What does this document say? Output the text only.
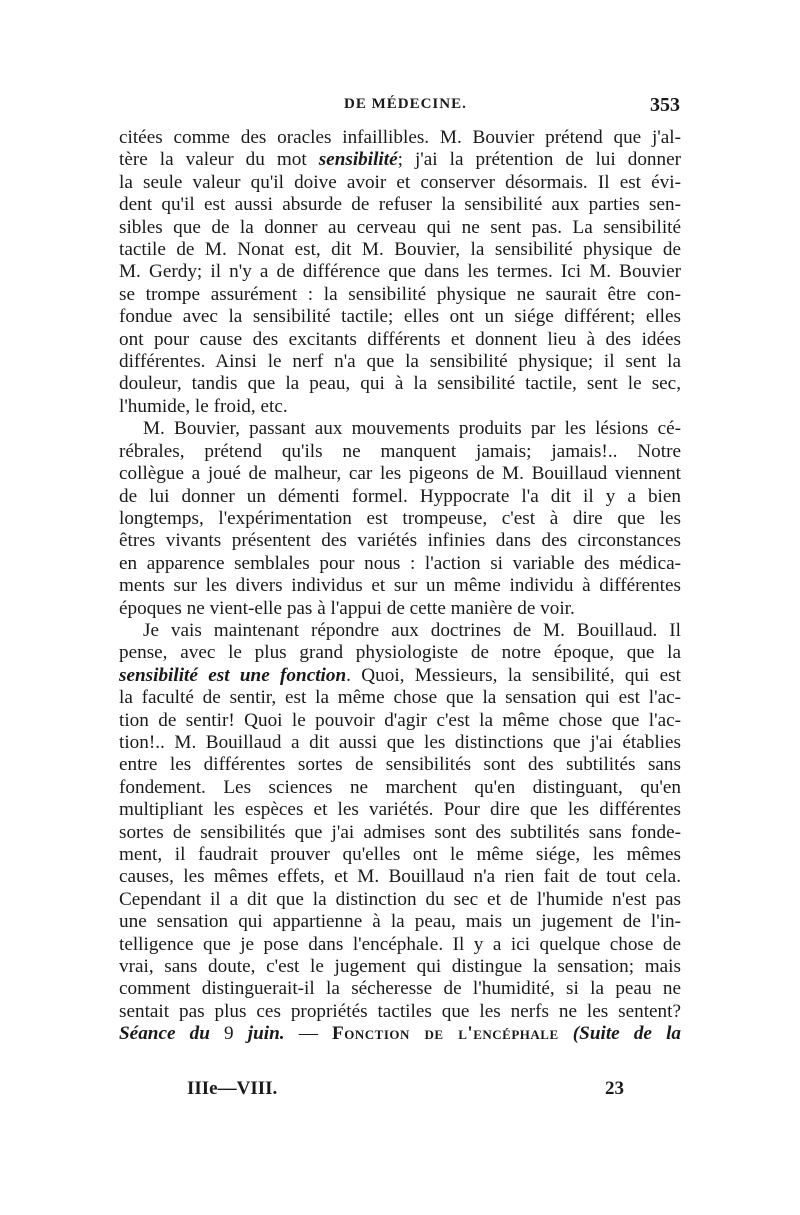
DE MÉDECINE.	353
citées comme des oracles infaillibles. M. Bouvier prétend que j'al-
tère la valeur du mot sensibilité; j'ai la prétention de lui donner
la seule valeur qu'il doive avoir et conserver désormais. Il est évi-
dent qu'il est aussi absurde de refuser la sensibilité aux parties sen-
sibles que de la donner au cerveau qui ne sent pas. La sensibilité
tactile de M. Nonat est, dit M. Bouvier, la sensibilité physique de
M. Gerdy; il n'y a de différence que dans les termes. Ici M. Bouvier
se trompe assurément : la sensibilité physique ne saurait être con-
fondue avec la sensibilité tactile; elles ont un siége différent; elles
ont pour cause des excitants différents et donnent lieu à des idées
différentes. Ainsi le nerf n'a que la sensibilité physique; il sent la
douleur, tandis que la peau, qui à la sensibilité tactile, sent le sec,
l'humide, le froid, etc.
M. Bouvier, passant aux mouvements produits par les lésions cé-
rébrales, prétend qu'ils ne manquent jamais; jamais!.. Notre
collègue a joué de malheur, car les pigeons de M. Bouillaud viennent
de lui donner un démenti formel. Hyppocrate l'a dit il y a bien
longtemps, l'expérimentation est trompeuse, c'est à dire que les
êtres vivants présentent des variétés infinies dans des circonstances
en apparence semblales pour nous : l'action si variable des médica-
ments sur les divers individus et sur un même individu à différentes
époques ne vient-elle pas à l'appui de cette manière de voir.
Je vais maintenant répondre aux doctrines de M. Bouillaud. Il
pense, avec le plus grand physiologiste de notre époque, que la
sensibilité est une fonction. Quoi, Messieurs, la sensibilité, qui est
la faculté de sentir, est la même chose que la sensation qui est l'ac-
tion de sentir! Quoi le pouvoir d'agir c'est la même chose que l'ac-
tion!.. M. Bouillaud a dit aussi que les distinctions que j'ai établies
entre les différentes sortes de sensibilités sont des subtilités sans
fondement. Les sciences ne marchent qu'en distinguant, qu'en
multipliant les espèces et les variétés. Pour dire que les différentes
sortes de sensibilités que j'ai admises sont des subtilités sans fonde-
ment, il faudrait prouver qu'elles ont le même siége, les mêmes
causes, les mêmes effets, et M. Bouillaud n'a rien fait de tout cela.
Cependant il a dit que la distinction du sec et de l'humide n'est pas
une sensation qui appartienne à la peau, mais un jugement de l'in-
telligence que je pose dans l'encéphale. Il y a ici quelque chose de
vrai, sans doute, c'est le jugement qui distingue la sensation; mais
comment distinguerait-il la sécheresse de l'humidité, si la peau ne
sentait pas plus ces propriétés tactiles que les nerfs ne les sentent?
Séance du 9 juin. — Fonction de l'encéphale (Suite de la
IIIe—VIII.	23
